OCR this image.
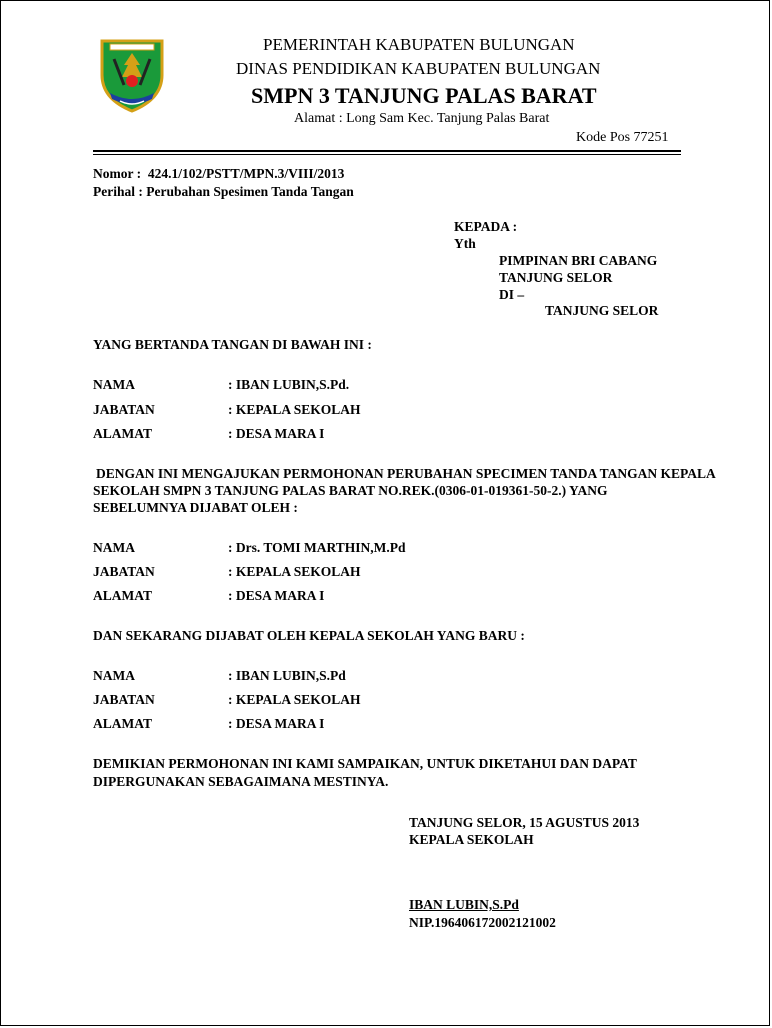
PEMERINTAH KABUPATEN BULUNGAN
DINAS PENDIDIKAN KABUPATEN BULUNGAN
SMPN 3 TANJUNG PALAS BARAT
Alamat : Long Sam Kec. Tanjung Palas Barat
Kode Pos 77251
Nomor : 424.1/102/PSTT/MPN.3/VIII/2013
Perihal : Perubahan Spesimen Tanda Tangan
KEPADA :
Yth
PIMPINAN BRI CABANG
TANJUNG SELOR
DI –
TANJUNG SELOR
YANG BERTANDA TANGAN DI BAWAH INI :
NAMA	: IBAN LUBIN,S.Pd.
JABATAN	: KEPALA SEKOLAH
ALAMAT	: DESA MARA I
DENGAN INI MENGAJUKAN PERMOHONAN PERUBAHAN SPECIMEN TANDA TANGAN KEPALA
SEKOLAH SMPN 3 TANJUNG PALAS BARAT NO.REK.(0306-01-019361-50-2.) YANG
SEBELUMNYA DIJABAT OLEH :
NAMA	: Drs. TOMI MARTHIN,M.Pd
JABATAN	: KEPALA SEKOLAH
ALAMAT	: DESA MARA I
DAN SEKARANG DIJABAT OLEH KEPALA SEKOLAH YANG BARU :
NAMA	: IBAN LUBIN,S.Pd
JABATAN	: KEPALA SEKOLAH
ALAMAT	: DESA MARA I
DEMIKIAN PERMOHONAN INI KAMI SAMPAIKAN, UNTUK DIKETAHUI DAN DAPAT
DIPERGUNAKAN SEBAGAIMANA MESTINYA.
TANJUNG SELOR, 15 AGUSTUS 2013
KEPALA SEKOLAH
IBAN LUBIN,S.Pd
NIP.196406172002121002
